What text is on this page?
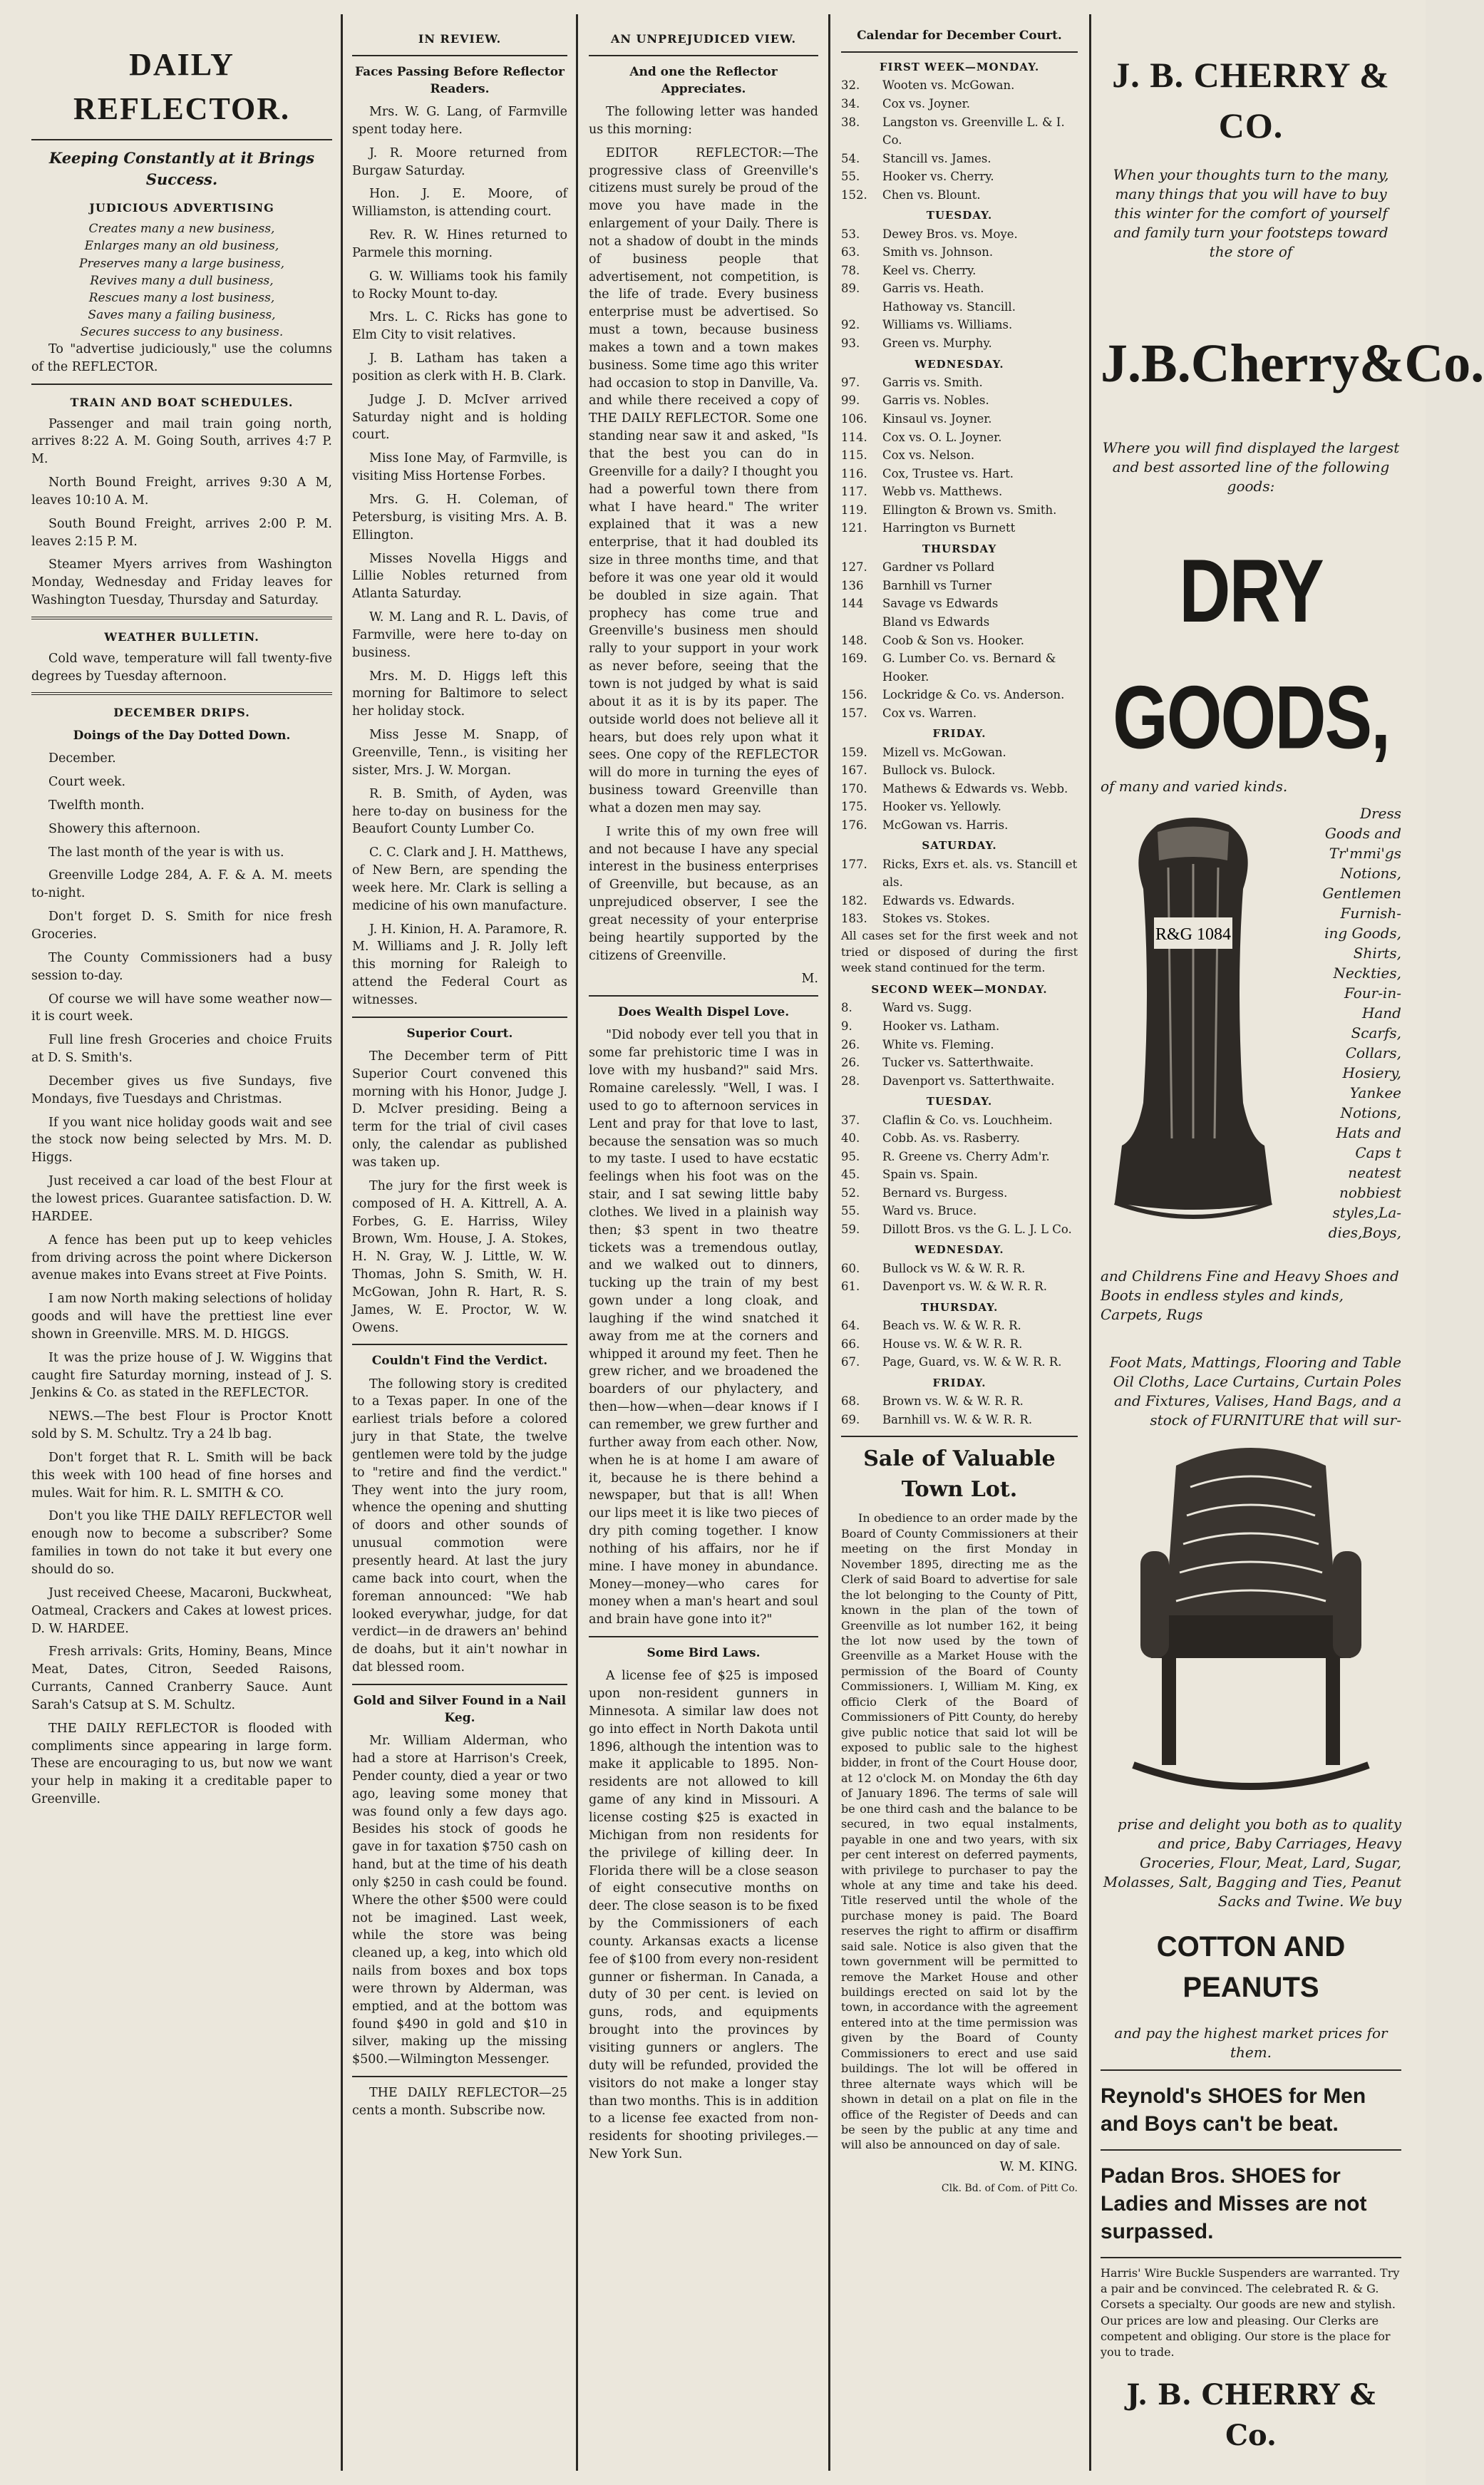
DAILY REFLECTOR.
Keeping Constantly at it Brings Success.
JUDICIOUS ADVERTISING
Creates many a new business,
Enlarges many an old business,
Preserves many a large business,
Revives many a dull business,
Rescues many a lost business,
Saves many a failing business,
Secures success to any business.

To "advertise judiciously," use the columns of the REFLECTOR.

TRAIN AND BOAT SCHEDULES.

Passenger and mail train going north, arrives 8:22 A. M. Going South, arrives 4:7 P. M.

North Bound Freight, arrives 9:30 A M, leaves 10:10 A. M.

South Bound Freight, arrives 2:00 P. M. leaves 2:15 P. M.

Steamer Myers arrives from Washington Monday, Wednesday and Friday leaves for Washington Tuesday, Thursday and Saturday.

WEATHER BULLETIN.

Cold wave, temperature will fall twenty-five degrees by Tuesday afternoon.

DECEMBER DRIPS.
Doings of the Day Dotted Down.

December.

Court week.

Twelfth month.

Showery this afternoon.

The last month of the year is with us.

Greenville Lodge 284, A. F. & A. M. meets to-night.

Don't forget D. S. Smith for nice fresh Groceries.

The County Commissioners had a busy session to-day.

Of course we will have some weather now—it is court week.

Full line fresh Groceries and choice Fruits at D. S. Smith's.

December gives us five Sundays, five Mondays, five Tuesdays and Christmas.

If you want nice holiday goods wait and see the stock now being selected by Mrs. M. D. Higgs.

Just received a car load of the best Flour at the lowest prices. Guarantee satisfaction. D. W. HARDEE.

A fence has been put up to keep vehicles from driving across the point where Dickerson avenue makes into Evans street at Five Points.

I am now North making selections of holiday goods and will have the prettiest line ever shown in Greenville. MRS. M. D. HIGGS.

It was the prize house of J. W. Wiggins that caught fire Saturday morning, instead of J. S. Jenkins & Co. as stated in the REFLECTOR.

NEWS.—The best Flour is Proctor Knott sold by S. M. Schultz. Try a 24 lb bag.

Don't forget that R. L. Smith will be back this week with 100 head of fine horses and mules. Wait for him. R. L. SMITH & CO.

Don't you like THE DAILY REFLECTOR well enough now to become a subscriber? Some families in town do not take it but every one should do so.

Just received Cheese, Macaroni, Buckwheat, Oatmeal, Crackers and Cakes at lowest prices. D. W. HARDEE.

Fresh arrivals: Grits, Hominy, Beans, Mince Meat, Dates, Citron, Seeded Raisons, Currants, Canned Cranberry Sauce. Aunt Sarah's Catsup at S. M. Schultz.

THE DAILY REFLECTOR is flooded with compliments since appearing in large form. These are encouraging to us, but now we want your help in making it a creditable paper to Greenville.

IN REVIEW.
Faces Passing Before Reflector Readers.

Mrs. W. G. Lang, of Farmville spent today here.

J. R. Moore returned from Burgaw Saturday.

Hon. J. E. Moore, of Williamston, is attending court.

Rev. R. W. Hines returned to Parmele this morning.

G. W. Williams took his family to Rocky Mount to-day.

Mrs. L. C. Ricks has gone to Elm City to visit relatives.

J. B. Latham has taken a position as clerk with H. B. Clark.

Judge J. D. McIver arrived Saturday night and is holding court.

Miss Ione May, of Farmville, is visiting Miss Hortense Forbes.

Mrs. G. H. Coleman, of Petersburg, is visiting Mrs. A. B. Ellington.

Misses Novella Higgs and Lillie Nobles returned from Atlanta Saturday.

W. M. Lang and R. L. Davis, of Farmville, were here to-day on business.

Mrs. M. D. Higgs left this morning for Baltimore to select her holiday stock.

Miss Jesse M. Snapp, of Greenville, Tenn., is visiting her sister, Mrs. J. W. Morgan.

R. B. Smith, of Ayden, was here to-day on business for the Beaufort County Lumber Co.

C. C. Clark and J. H. Matthews, of New Bern, are spending the week here. Mr. Clark is selling a medicine of his own manufacture.

J. H. Kinion, H. A. Paramore, R. M. Williams and J. R. Jolly left this morning for Raleigh to attend the Federal Court as witnesses.

Superior Court.

The December term of Pitt Superior Court convened this morning with his Honor, Judge J. D. McIver presiding. Being a term for the trial of civil cases only, the calendar as published was taken up.

The jury for the first week is composed of H. A. Kittrell, A. A. Forbes, G. E. Harriss, Wiley Brown, Wm. House, J. A. Stokes, H. N. Gray, W. J. Little, W. W. Thomas, John S. Smith, W. H. McGowan, John R. Hart, R. S. James, W. E. Proctor, W. W. Owens.

Couldn't Find the Verdict.

The following story is credited to a Texas paper. In one of the earliest trials before a colored jury in that State, the twelve gentlemen were told by the judge to "retire and find the verdict." They went into the jury room, whence the opening and shutting of doors and other sounds of unusual commotion were presently heard. At last the jury came back into court, when the foreman announced: "We hab looked everywhar, judge, for dat verdict—in de drawers an' behind de doahs, but it ain't nowhar in dat blessed room.

Gold and Silver Found in a Nail Keg.

Mr. William Alderman, who had a store at Harrison's Creek, Pender county, died a year or two ago, leaving some money that was found only a few days ago. Besides his stock of goods he gave in for taxation $750 cash on hand, but at the time of his death only $250 in cash could be found. Where the other $500 were could not be imagined. Last week, while the store was being cleaned up, a keg, into which old nails from boxes and box tops were thrown by Alderman, was emptied, and at the bottom was found $490 in gold and $10 in silver, making up the missing $500.—Wilmington Messenger.

THE DAILY REFLECTOR—25 cents a month. Subscribe now.

AN UNPREJUDICED VIEW.
And one the Reflector Appreciates.

The following letter was handed us this morning:

EDITOR REFLECTOR:—The progressive class of Greenville's citizens must surely be proud of the move you have made in the enlargement of your Daily. There is not a shadow of doubt in the minds of business people that advertisement, not competition, is the life of trade. Every business enterprise must be advertised. So must a town, because business makes a town and a town makes business. Some time ago this writer had occasion to stop in Danville, Va. and while there received a copy of THE DAILY REFLECTOR. Some one standing near saw it and asked, "Is that the best you can do in Greenville for a daily? I thought you had a powerful town there from what I have heard." The writer explained that it was a new enterprise, that it had doubled its size in three months time, and that before it was one year old it would be doubled in size again. That prophecy has come true and Greenville's business men should rally to your support in your work as never before, seeing that the town is not judged by what is said about it as it is by its paper. The outside world does not believe all it hears, but does rely upon what it sees. One copy of the REFLECTOR will do more in turning the eyes of business toward Greenville than what a dozen men may say.

I write this of my own free will and not because I have any special interest in the business enterprises of Greenville, but because, as an unprejudiced observer, I see the great necessity of your enterprise being heartily supported by the citizens of Greenville.

M.
Does Wealth Dispel Love.

"Did nobody ever tell you that in some far prehistoric time I was in love with my husband?" said Mrs. Romaine carelessly. "Well, I was. I used to go to afternoon services in Lent and pray for that love to last, because the sensation was so much to my taste. I used to have ecstatic feelings when his foot was on the stair, and I sat sewing little baby clothes. We lived in a plainish way then; $3 spent in two theatre tickets was a tremendous outlay, and we walked out to dinners, tucking up the train of my best gown under a long cloak, and laughing if the wind snatched it away from me at the corners and whipped it around my feet. Then he grew richer, and we broadened the boarders of our phylactery, and then—how—when—dear knows if I can remember, we grew further and further away from each other. Now, when he is at home I am aware of it, because he is there behind a newspaper, but that is all! When our lips meet it is like two pieces of dry pith coming together. I know nothing of his affairs, nor he if mine. I have money in abundance. Money—money—who cares for money when a man's heart and soul and brain have gone into it?"

Some Bird Laws.

A license fee of $25 is imposed upon non-resident gunners in Minnesota. A similar law does not go into effect in North Dakota until 1896, although the intention was to make it applicable to 1895. Non-residents are not allowed to kill game of any kind in Missouri. A license costing $25 is exacted in Michigan from non residents for the privilege of killing deer. In Florida there will be a close season of eight consecutive months on deer. The close season is to be fixed by the Commissioners of each county. Arkansas exacts a license fee of $100 from every non-resident gunner or fisherman. In Canada, a duty of 30 per cent. is levied on guns, rods, and equipments brought into the provinces by visiting gunners or anglers. The duty will be refunded, provided the visitors do not make a longer stay than two months. This is in addition to a license fee exacted from non-residents for shooting privileges.—New York Sun.

Calendar for December Court.
FIRST WEEK—MONDAY.
32.	Wooten vs. McGowan.
34.	Cox vs. Joyner.
38.	Langston vs. Greenville L. & I. Co.
54.	Stancill vs. James.
55.	Hooker vs. Cherry.
152.	Chen vs. Blount.
TUESDAY.
53.	Dewey Bros. vs. Moye.
63.	Smith vs. Johnson.
78.	Keel vs. Cherry.
89.	Garris vs. Heath.
Hathoway vs. Stancill.
92.	Williams vs. Williams.
93.	Green vs. Murphy.
WEDNESDAY.
97.	Garris vs. Smith.
99.	Garris vs. Nobles.
106.	Kinsaul vs. Joyner.
114.	Cox vs. O. L. Joyner.
115.	Cox vs. Nelson.
116.	Cox, Trustee vs. Hart.
117.	Webb vs. Matthews.
119.	Ellington & Brown vs. Smith.
121.	Harrington vs Burnett
THURSDAY
127.	Gardner vs Pollard
136	Barnhill vs Turner
144	Savage vs Edwards
Bland vs Edwards
148.	Coob & Son vs. Hooker.
169.	G. Lumber Co. vs. Bernard & Hooker.
156.	Lockridge & Co. vs. Anderson.
157.	Cox vs. Warren.
FRIDAY.
159.	Mizell vs. McGowan.
167.	Bullock vs. Bulock.
170.	Mathews & Edwards vs. Webb.
175.	Hooker vs. Yellowly.
176.	McGowan vs. Harris.
SATURDAY.
177.	Ricks, Exrs et. als. vs. Stancill et als.
182.	Edwards vs. Edwards.
183.	Stokes vs. Stokes.

All cases set for the first week and not tried or disposed of during the first week stand continued for the term.

SECOND WEEK—MONDAY.
8.	Ward vs. Sugg.
9.	Hooker vs. Latham.
26.	White vs. Fleming.
26.	Tucker vs. Satterthwaite.
28.	Davenport vs. Satterthwaite.
TUESDAY.
37.	Claflin & Co. vs. Louchheim.
40.	Cobb. As. vs. Rasberry.
95.	R. Greene vs. Cherry Adm'r.
45.	Spain vs. Spain.
52.	Bernard vs. Burgess.
55.	Ward vs. Bruce.
59.	Dillott Bros. vs the G. L. J. L Co.
WEDNESDAY.
60.	Bullock vs W. & W. R. R.
61.	Davenport vs. W. & W. R. R.
THURSDAY.
64.	Beach vs. W. & W. R. R.
66.	House vs. W. & W. R. R.
67.	Page, Guard, vs. W. & W. R. R.
FRIDAY.
68.	Brown vs. W. & W. R. R.
69.	Barnhill vs. W. & W. R. R.
Sale of Valuable Town Lot.

In obedience to an order made by the Board of County Commissioners at their meeting on the first Monday in November 1895, directing me as the Clerk of said Board to advertise for sale the lot belonging to the County of Pitt, known in the plan of the town of Greenville as lot number 162, it being the lot now used by the town of Greenville as a Market House with the permission of the Board of County Commissioners. I, William M. King, ex officio Clerk of the Board of Commissioners of Pitt County, do hereby give public notice that said lot will be exposed to public sale to the highest bidder, in front of the Court House door, at 12 o'clock M. on Monday the 6th day of January 1896. The terms of sale will be one third cash and the balance to be secured, in two equal instalments, payable in one and two years, with six per cent interest on deferred payments, with privilege to purchaser to pay the whole at any time and take his deed. Title reserved until the whole of the purchase money is paid. The Board reserves the right to affirm or disaffirm said sale. Notice is also given that the town government will be permitted to remove the Market House and other buildings erected on said lot by the town, in accordance with the agreement entered into at the time permission was given by the Board of County Commissioners to erect and use said buildings. The lot will be offered in three alternate ways which will be shown in detail on a plat on file in the office of the Register of Deeds and can be seen by the public at any time and will also be announced on day of sale.

W. M. KING.
Clk. Bd. of Com. of Pitt Co.
J. B. CHERRY & CO.
When your thoughts turn to the many, many things that you will have to buy this winter for the comfort of yourself and family turn your footsteps toward the store of
J.B.Cherry&Co.
Where you will find displayed the largest and best assorted line of the following goods:
DRY GOODS,
of many and varied kinds.
R&G 1084
Dress
Goods and
Tr'mmi'gs
Notions,
Gentlemen
Furnish-
ing Goods,
Shirts,
Neckties,
Four-in-
Hand
Scarfs,
Collars,
Hosiery,
Yankee
Notions,
Hats and
Caps t
neatest
nobbiest
styles,La-
dies,Boys,
and Childrens Fine and Heavy Shoes and Boots in endless styles and kinds, Carpets, Rugs
Foot Mats, Mattings, Flooring and Table Oil Cloths, Lace Curtains, Curtain Poles and Fixtures, Valises, Hand Bags, and a stock of FURNITURE that will sur-
prise and delight you both as to quality and price, Baby Carriages, Heavy Groceries, Flour, Meat, Lard, Sugar, Molasses, Salt, Bagging and Ties, Peanut Sacks and Twine. We buy
COTTON AND PEANUTS
and pay the highest market prices for them.
Reynold's SHOES for Men and Boys can't be beat.
Padan Bros. SHOES for Ladies and Misses are not surpassed.
Harris' Wire Buckle Suspenders are warranted. Try a pair and be convinced. The celebrated R. & G. Corsets a specialty. Our goods are new and stylish. Our prices are low and pleasing. Our Clerks are competent and obliging. Our store is the place for you to trade.
J. B. CHERRY & Co.
